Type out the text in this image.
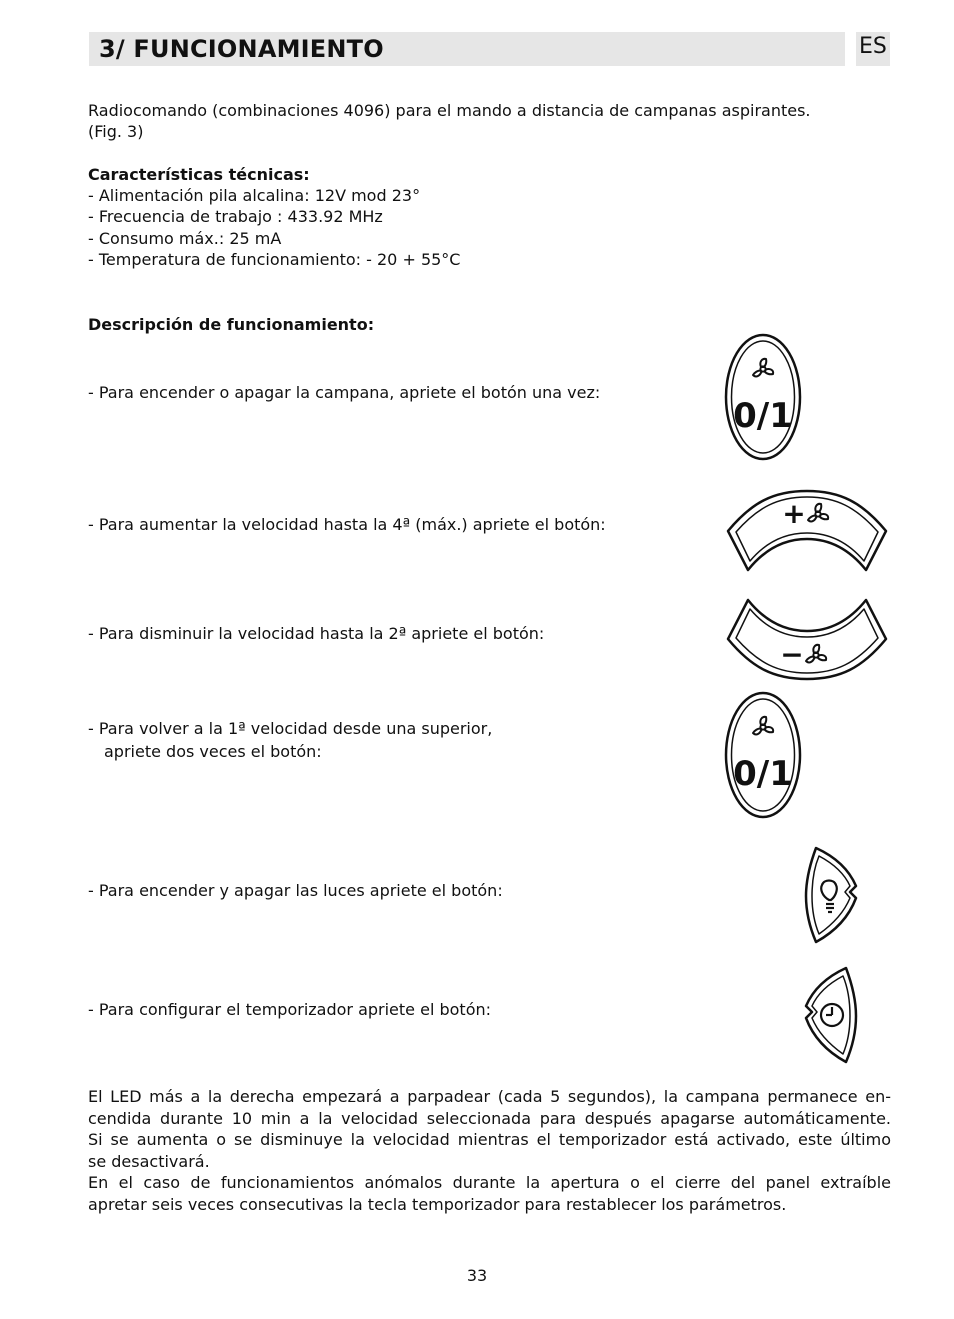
3/ FUNCIONAMIENTO	ES
Radiocomando (combinaciones 4096) para el mando a distancia de campanas aspirantes.
(Fig. 3)
Características técnicas:
- Alimentación pila alcalina: 12V mod 23°
- Frecuencia de trabajo : 433.92 MHz
- Consumo máx.: 25 mA
- Temperatura de funcionamiento: - 20 + 55°C
Descripción de funcionamiento:
- Para encender o apagar la campana, apriete el botón una vez:
- Para aumentar la velocidad hasta la 4ª (máx.) apriete el botón:
- Para disminuir la velocidad hasta la 2ª apriete el botón:
- Para volver a la 1ª velocidad desde una superior,
apriete dos veces el botón:
- Para encender y apagar las luces apriete el botón:
- Para configurar el temporizador apriete el botón:
0/1
+
−
0/1
El LED más a la derecha empezará a parpadear (cada 5 segundos), la campana permanece en-
cendida durante 10 min a la velocidad seleccionada para después apagarse automáticamente.
Si se aumenta o se disminuye la velocidad mientras el temporizador está activado, este último
se desactivará.
En el caso de funcionamientos anómalos durante la apertura o el cierre del panel extraíble
apretar seis veces consecutivas la tecla temporizador para restablecer los parámetros.
33
